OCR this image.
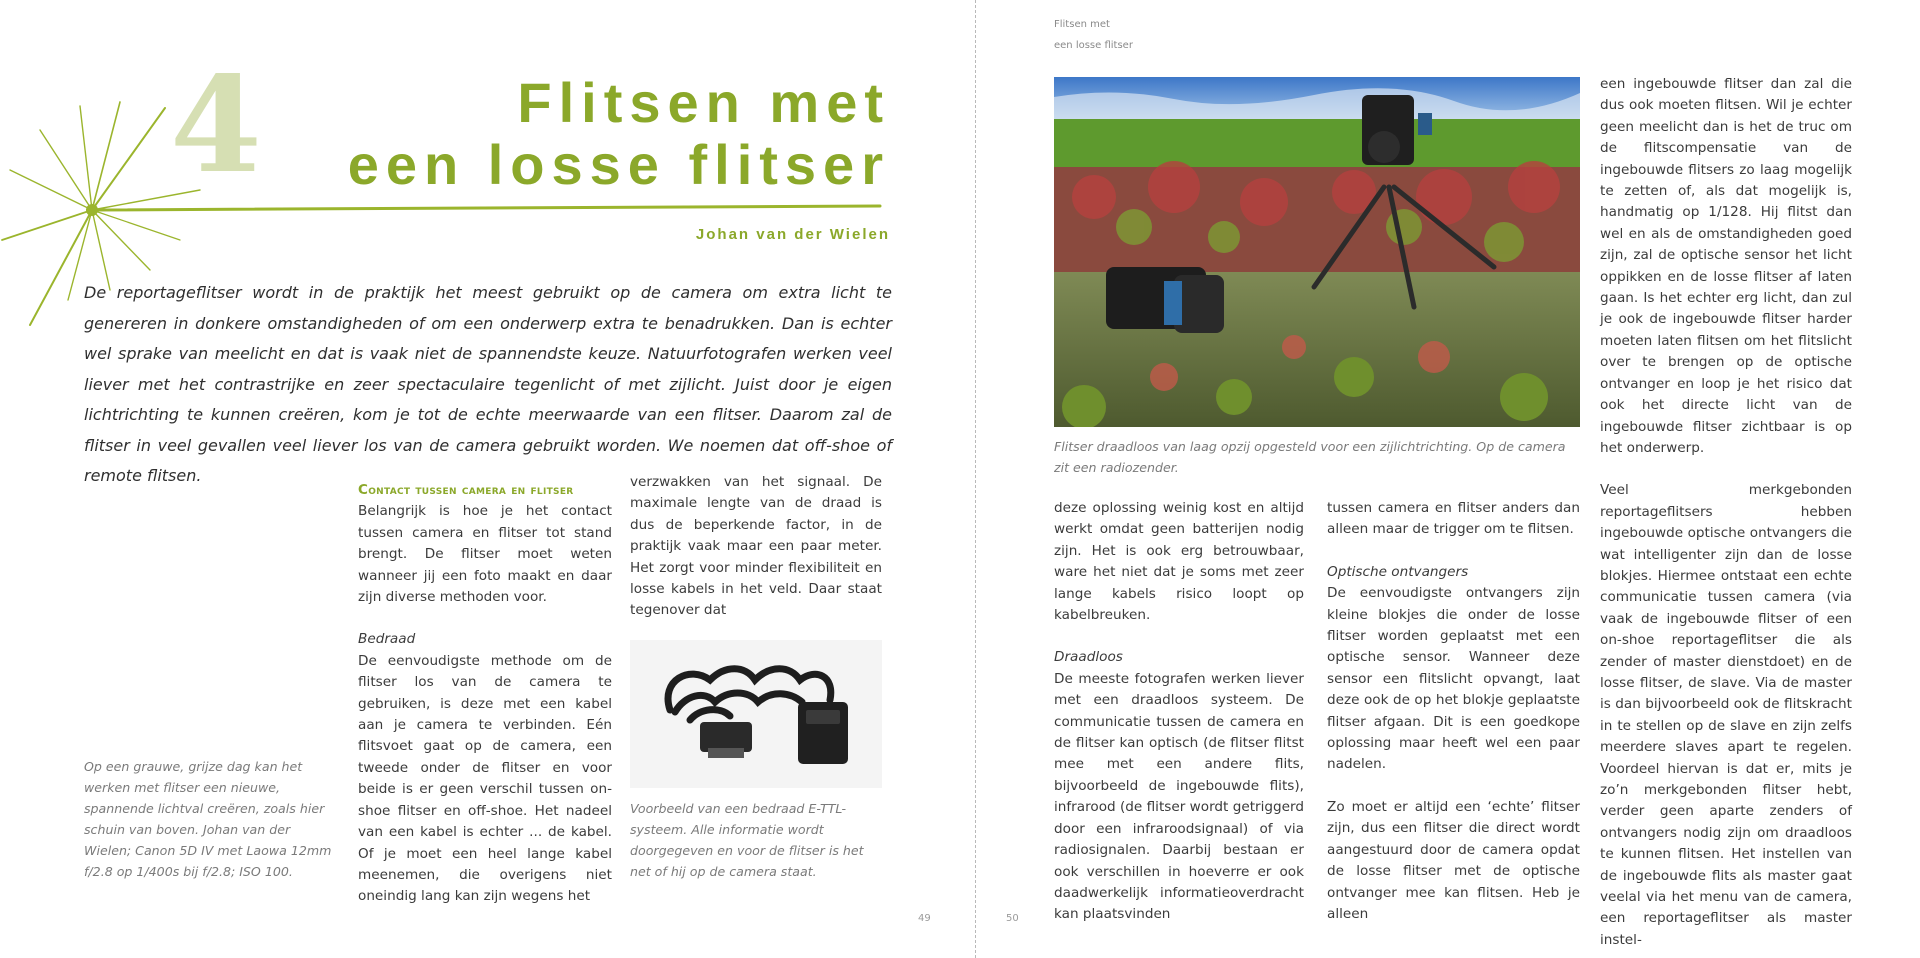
4	Flitsen met
een losse flitser
Johan van der Wielen
De reportageflitser wordt in de praktijk het meest gebruikt op de camera om extra licht te genereren in donkere omstandigheden of om een onderwerp extra te benadrukken. Dan is echter wel sprake van meelicht en dat is vaak niet de spannendste keuze. Natuurfotografen werken veel liever met het contrastrijke en zeer spectaculaire tegenlicht of met zijlicht. Juist door je eigen lichtrichting te kunnen creëren, kom je tot de echte meerwaarde van een flitser. Daarom zal de flitser in veel gevallen veel liever los van de camera gebruikt worden. We noemen dat off-shoe of remote flitsen.
Op een grauwe, grijze dag kan het werken met flitser een nieuwe, spannende lichtval creëren, zoals hier schuin van boven. Johan van der Wielen; Canon 5D IV met Laowa 12mm f/2.8 op 1/400s bij f/2.8; ISO 100.
Contact tussen camera en flitser

Belangrijk is hoe je het contact tussen camera en flitser tot stand brengt. De flitser moet weten wanneer jij een foto maakt en daar zijn diverse methoden voor.

Bedraad

De eenvoudigste methode om de flitser los van de camera te gebruiken, is deze met een kabel aan je camera te verbinden. Eén flitsvoet gaat op de camera, een tweede onder de flitser en voor beide is er geen verschil tussen on-shoe flitser en off-shoe. Het nadeel van een kabel is echter ... de kabel. Of je moet een heel lange kabel meenemen, die overigens niet oneindig lang kan zijn wegens het

verzwakken van het signaal. De maximale lengte van de draad is dus de beperkende factor, in de praktijk vaak maar een paar meter. Het zorgt voor minder flexibiliteit en losse kabels in het veld. Daar staat tegenover dat

Voorbeeld van een bedraad E-TTL-systeem. Alle informatie wordt doorgegeven en voor de flitser is het net of hij op de camera staat.
49
Flitsen met
een losse flitser
Flitser draadloos van laag opzij opgesteld voor een zijlichtrichting. Op de camera zit een radiozender.

deze oplossing weinig kost en altijd werkt omdat geen batterijen nodig zijn. Het is ook erg betrouwbaar, ware het niet dat je soms met zeer lange kabels risico loopt op kabelbreuken.

Draadloos

De meeste fotografen werken liever met een draadloos systeem. De communicatie tussen de camera en de flitser kan optisch (de flitser flitst mee met een andere flits, bijvoorbeeld de ingebouwde flits), infrarood (de flitser wordt getriggerd door een infraroodsignaal) of via radiosignalen. Daarbij bestaan er ook verschillen in hoeverre er ook daadwerkelijk informatieoverdracht kan plaatsvinden

tussen camera en flitser anders dan alleen maar de trigger om te flitsen.

Optische ontvangers

De eenvoudigste ontvangers zijn kleine blokjes die onder de losse flitser worden geplaatst met een optische sensor. Wanneer deze sensor een flitslicht opvangt, laat deze ook de op het blokje geplaatste flitser afgaan. Dit is een goedkope oplossing maar heeft wel een paar nadelen.

Zo moet er altijd een ‘echte’ flitser zijn, dus een flitser die direct wordt aangestuurd door de camera opdat de losse flitser met de optische ontvanger mee kan flitsen. Heb je alleen

een ingebouwde flitser dan zal die dus ook moeten flitsen. Wil je echter geen meelicht dan is het de truc om de flitscompensatie van de ingebouwde flitsers zo laag mogelijk te zetten of, als dat mogelijk is, handmatig op 1/128. Hij flitst dan wel en als de omstandigheden goed zijn, zal de optische sensor het licht oppikken en de losse flitser af laten gaan. Is het echter erg licht, dan zul je ook de ingebouwde flitser harder moeten laten flitsen om het flitslicht over te brengen op de optische ontvanger en loop je het risico dat ook het directe licht van de ingebouwde flitser zichtbaar is op het onderwerp.

Veel merkgebonden reportageflitsers hebben ingebouwde optische ontvangers die wat intelligenter zijn dan de losse blokjes. Hiermee ontstaat een echte communicatie tussen camera (via vaak de ingebouwde flitser of een on-shoe reportageflitser die als zender of master dienstdoet) en de losse flitser, de slave. Via de master is dan bijvoorbeeld ook de flitskracht in te stellen op de slave en zijn zelfs meerdere slaves apart te regelen. Voordeel hiervan is dat er, mits je zo’n merkgebonden flitser hebt, verder geen aparte zenders of ontvangers nodig zijn om draadloos te kunnen flitsen. Het instellen van de ingebouwde flits als master gaat veelal via het menu van de camera, een reportageflitser als master instel-

50
